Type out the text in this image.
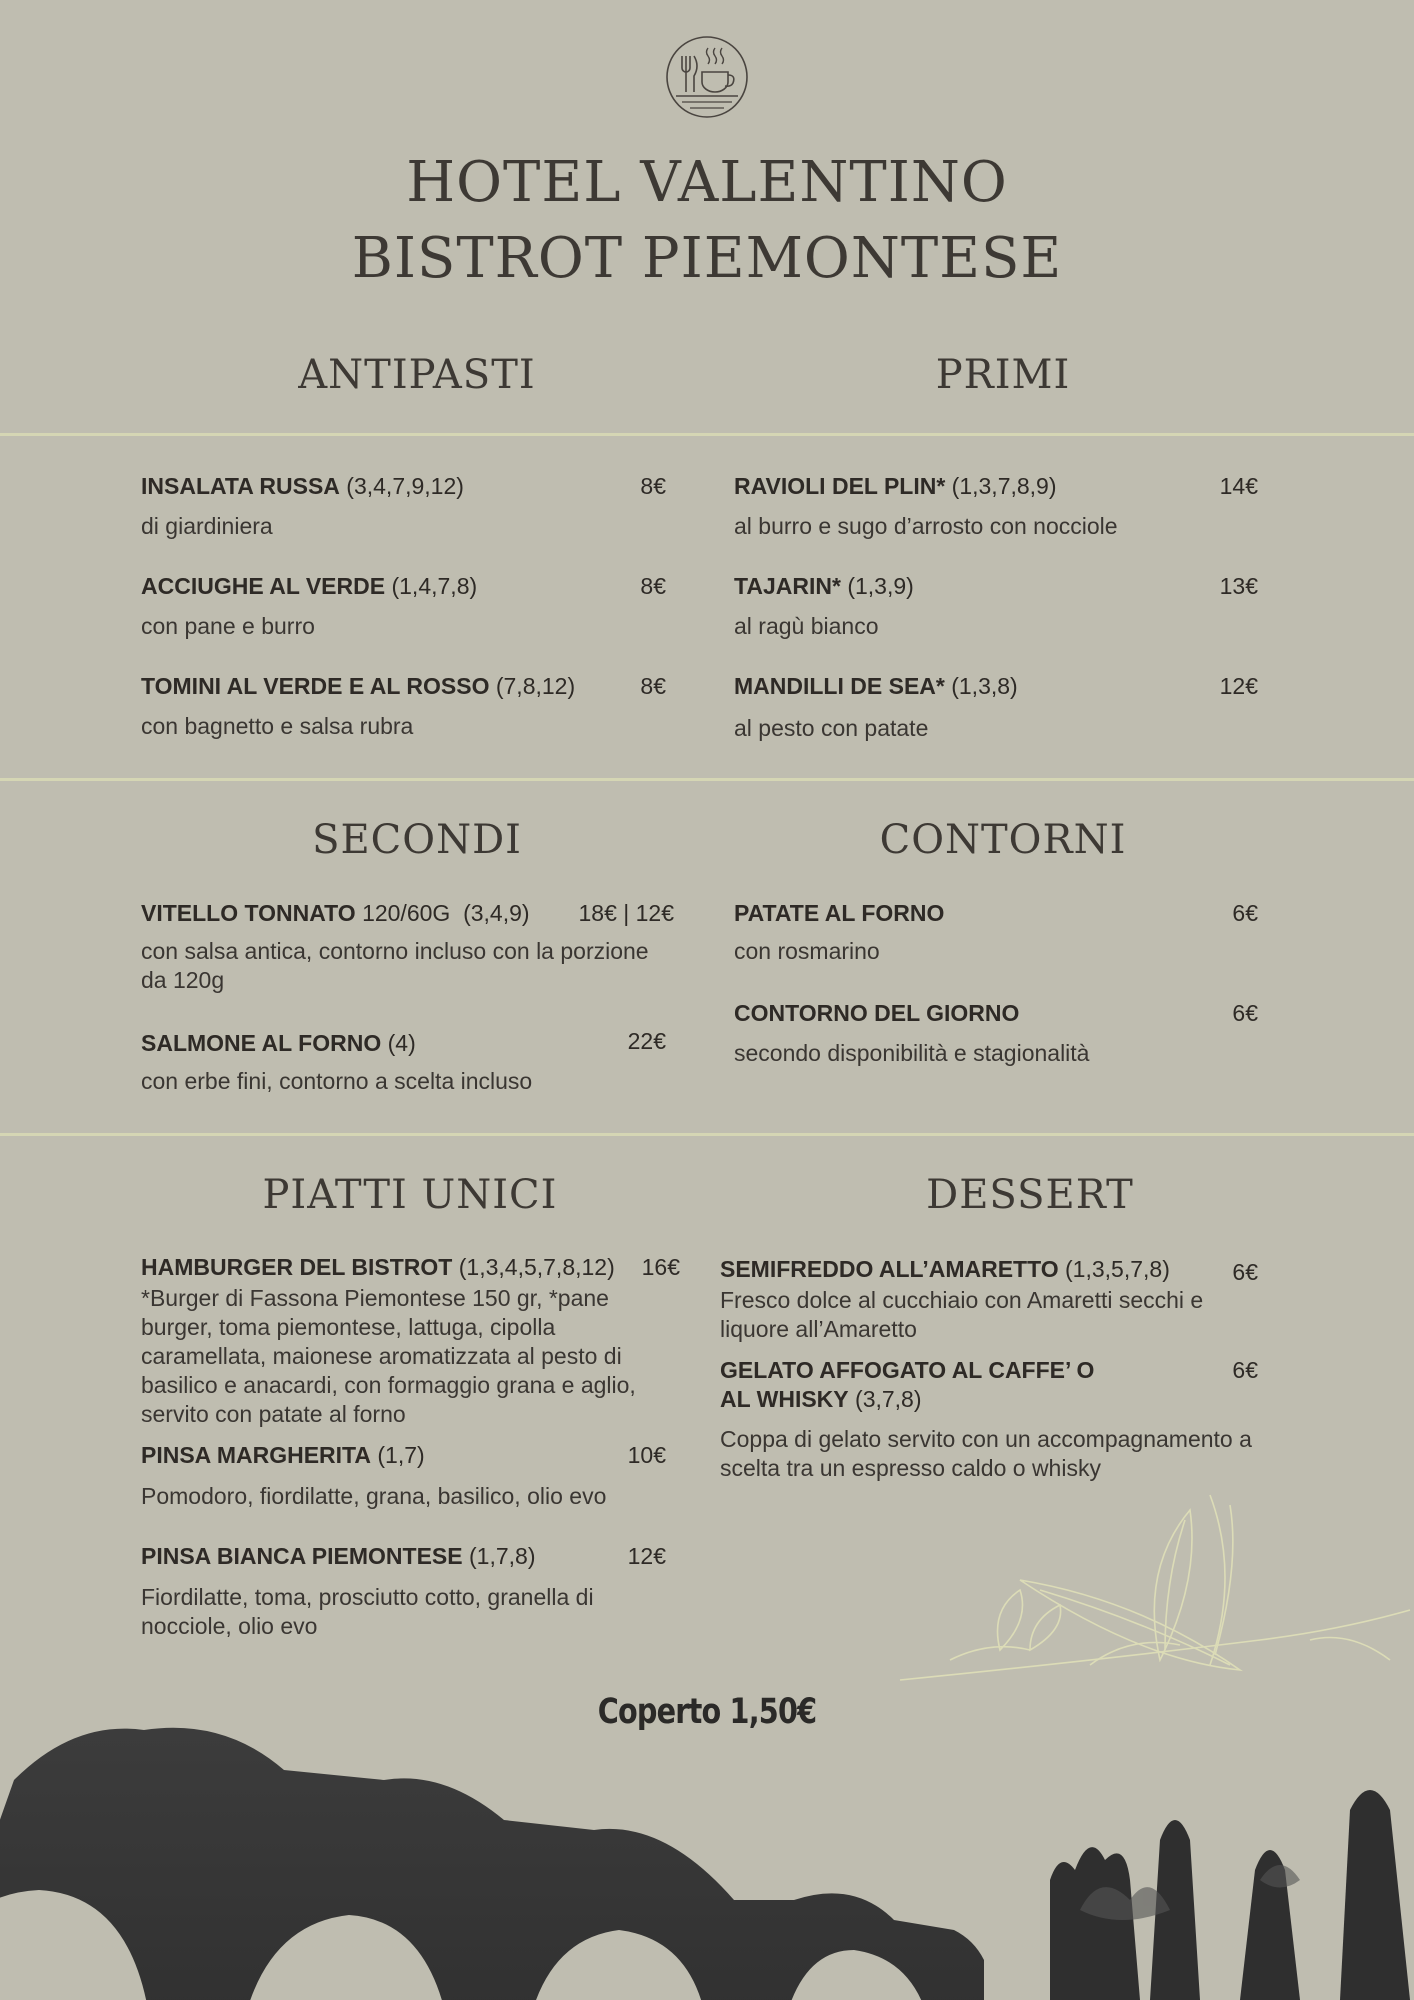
HOTEL VALENTINO
BISTROT PIEMONTESE
ANTIPASTI	PRIMI
INSALATA RUSSA (3,4,7,9,12)	8€
di giardiniera
ACCIUGHE AL VERDE (1,4,7,8)	8€
con pane e burro
TOMINI AL VERDE E AL ROSSO (7,8,12)	8€
con bagnetto e salsa rubra
RAVIOLI DEL PLIN* (1,3,7,8,9)	14€
al burro e sugo d’arrosto con nocciole
TAJARIN* (1,3,9)	13€
al ragù bianco
MANDILLI DE SEA* (1,3,8)	12€
al pesto con patate
SECONDI	CONTORNI
VITELLO TONNATO 120/60G  (3,4,9) 18€ | 12€
con salsa antica, contorno incluso con la porzione da 120g
SALMONE AL FORNO (4)	22€
con erbe fini, contorno a scelta incluso
PATATE AL FORNO	6€
con rosmarino
CONTORNO DEL GIORNO	6€
secondo disponibilità e stagionalità
PIATTI UNICI	DESSERT
HAMBURGER DEL BISTROT (1,3,4,5,7,8,12) 16€
*Burger di Fassona Piemontese 150 gr, *pane burger, toma piemontese, lattuga, cipolla caramellata, maionese aromatizzata al pesto di basilico e anacardi, con formaggio grana e aglio, servito con patate al forno
PINSA MARGHERITA (1,7)	10€
Pomodoro, fiordilatte, grana, basilico, olio evo
PINSA BIANCA PIEMONTESE (1,7,8)	12€
Fiordilatte, toma, prosciutto cotto, granella di nocciole, olio evo
SEMIFREDDO ALL’AMARETTO (1,3,5,7,8)	6€
Fresco dolce al cucchiaio con Amaretti secchi e liquore all’Amaretto
GELATO AFFOGATO AL CAFFE’ O
AL WHISKY (3,7,8)
6€
Coppa di gelato servito con un accompagnamento a scelta tra un espresso caldo o whisky
Coperto 1,50€
